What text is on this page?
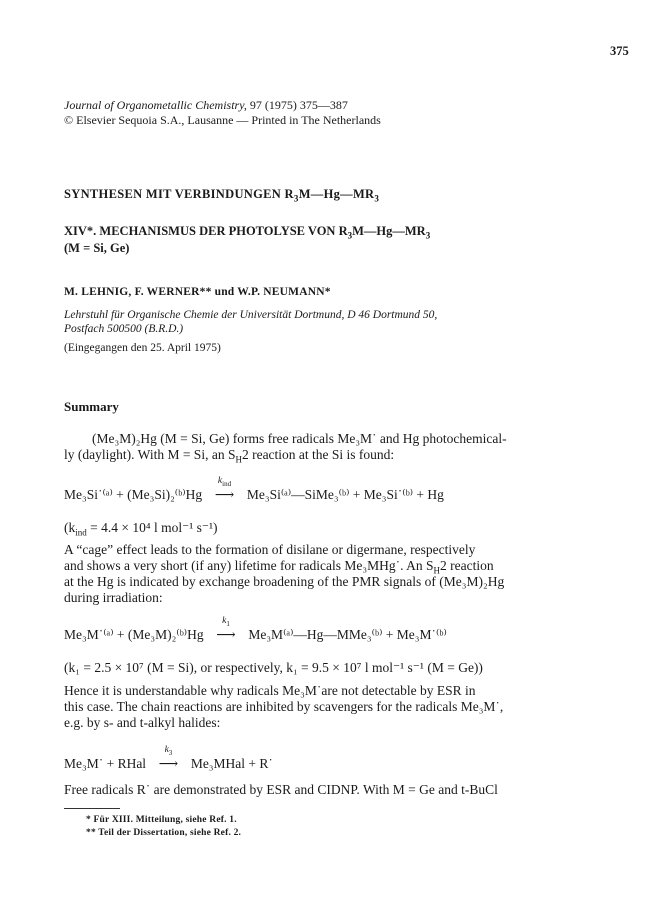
375
Journal of Organometallic Chemistry, 97 (1975) 375—387
© Elsevier Sequoia S.A., Lausanne — Printed in The Netherlands
SYNTHESEN MIT VERBINDUNGEN $R_3M—Hg—MR_3$
XIV*. MECHANISMUS DER PHOTOLYSE VON $R_3M—Hg—MR_3$
(M = Si, Ge)
M. LEHNIG, F. WERNER** und W.P. NEUMANN*
Lehrstuhl für Organische Chemie der Universität Dortmund, D 46 Dortmund 50,
Postfach 500500 (B.R.D.)
(Eingegangen den 25. April 1975)
Summary
(Me₃M)₂Hg (M = Si, Ge) forms free radicals Me₃M˙ and Hg photochemical-
ly (daylight). With M = Si, an $S_H2$ reaction at the Si is found:
Me₃Si˙⁽ᵃ⁾ + (Me₃Si)₂⁽ᵇ⁾Hg
$k_{ind}$
⟶ Me₃Si⁽ᵃ⁾—SiMe₃⁽ᵇ⁾ + Me₃Si˙⁽ᵇ⁾ + Hg
($k_{ind} = 4.4 \times 10^4$ l mol⁻¹ s⁻¹)
A “cage” effect leads to the formation of disilane or digermane, respectively
and shows a very short (if any) lifetime for radicals Me₃MHg˙. An $S_H2$ reaction
at the Hg is indicated by exchange broadening of the PMR signals of (Me₃M)₂Hg
during irradiation:
Me₃M˙⁽ᵃ⁾ + (Me₃M)₂⁽ᵇ⁾Hg
$k_1$
⟶ Me₃M⁽ᵃ⁾—Hg—MMe₃⁽ᵇ⁾ + Me₃M˙⁽ᵇ⁾
(k₁ = 2.5 × 10⁷ (M = Si), or respectively, k₁ = 9.5 × 10⁷ l mol⁻¹ s⁻¹ (M = Ge))
Hence it is understandable why radicals Me₃M˙are not detectable by ESR in
this case. The chain reactions are inhibited by scavengers for the radicals Me₃M˙,
e.g. by s- and t-alkyl halides:
Me₃M˙ + RHal
$k_3$
⟶ Me₃MHal + R˙
Free radicals R˙ are demonstrated by ESR and CIDNP. With M = Ge and t-BuCl
* Für XIII. Mitteilung, siehe Ref. 1.
** Teil der Dissertation, siehe Ref. 2.
